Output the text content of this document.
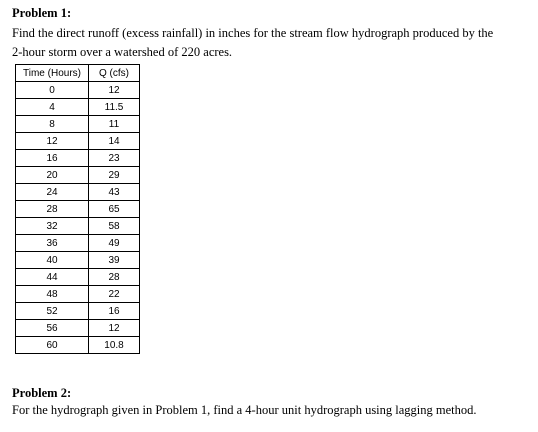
Problem 1:
Find the direct runoff (excess rainfall) in inches for the stream flow hydrograph produced by the
2-hour storm over a watershed of 220 acres.
Time (Hours)	Q (cfs)
0	12
4	11.5
8	11
12	14
16	23
20	29
24	43
28	65
32	58
36	49
40	39
44	28
48	22
52	16
56	12
60	10.8
Problem 2:
For the hydrograph given in Problem 1, find a 4-hour unit hydrograph using lagging method.
